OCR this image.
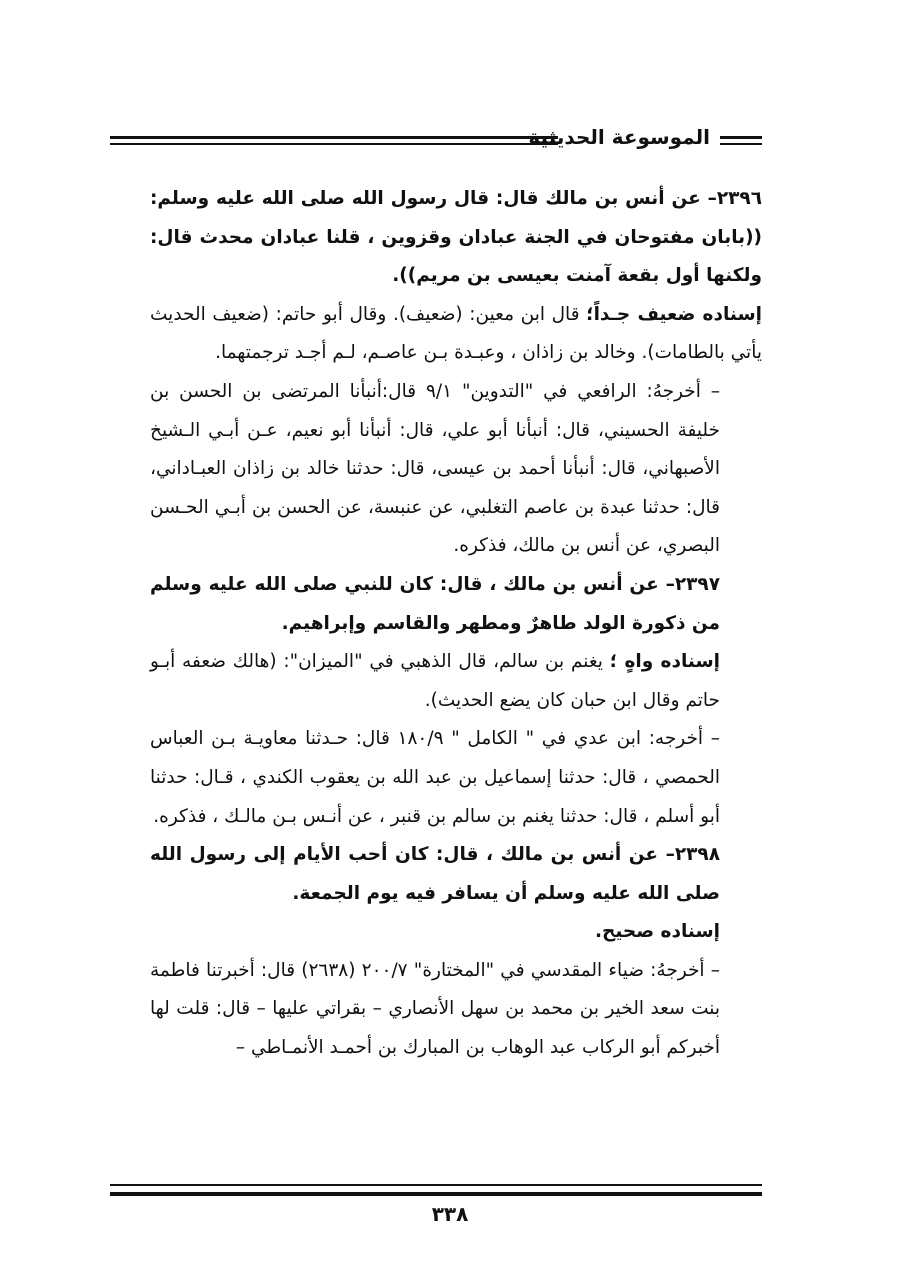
الموسوعة الحديثية

٢٣٩٦– عن أنس بن مالك قال: قال رسول الله صلى الله عليه وسلم: ((بابان مفتوحان في الجنة عبادان وقزوين ، قلنا عبادان محدث قال: ولكنها أول بقعة آمنت بعيسى بن مريم)).

إسناده ضعيف جـداً؛ قال ابن معين: (ضعيف). وقال أبو حاتم: (ضعيف الحديث يأتي بالطامات). وخالد بن زاذان ، وعبـدة بـن عاصـم، لـم أجـد ترجمتهما.

– أخرجهُ: الرافعي في "التدوين" ٩/١ قال:أنبأنا المرتضى بن الحسن بن خليفة الحسيني، قال: أنبأنا أبو علي، قال: أنبأنا أبو نعيم، عـن أبـي الـشيخ الأصبهاني، قال: أنبأنا أحمد بن عيسى، قال: حدثنا خالد بن زاذان العبـاداني، قال: حدثنا عبدة بن عاصم التغلبي، عن عنبسة، عن الحسن بن أبـي الحـسن البصري، عن أنس بن مالك، فذكره.

٢٣٩٧– عن أنس بن مالك ، قال: كان للنبي صلى الله عليه وسلم من ذكورة الولد طاهرٌ ومطهر والقاسم وإبراهيم.

إسناده واهٍ ؛ يغنم بن سالم، قال الذهبي في "الميزان": (هالك ضعفه أبـو حاتم وقال ابن حبان كان يضع الحديث).

– أخرجه: ابن عدي في " الكامل " ١٨٠/٩ قال: حـدثنا معاويـة بـن العباس الحمصي ، قال: حدثنا إسماعيل بن عبد الله بن يعقوب الكندي ، قـال: حدثنا أبو أسلم ، قال: حدثنا يغنم بن سالم بن قنبر ، عن أنـس بـن مالـك ، فذكره.

٢٣٩٨– عن أنس بن مالك ، قال: كان أحب الأيام إلى رسول الله صلى الله عليه وسلم أن يسافر فيه يوم الجمعة.

إسناده صحيح.

– أخرجهُ: ضياء المقدسي في "المختارة" ٢٠٠/٧ (٢٦٣٨) قال: أخبرتنا فاطمة بنت سعد الخير بن محمد بن سهل الأنصاري – بقراتي عليها – قال: قلت لها أخبركم أبو الركاب عبد الوهاب بن المبارك بن أحمـد الأنمـاطي –

٣٣٨
